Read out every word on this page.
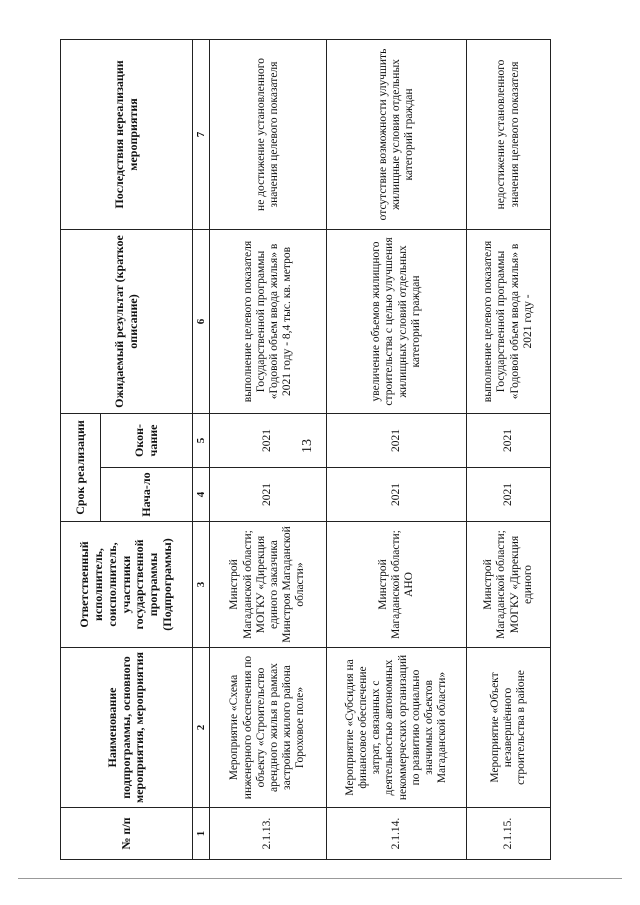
13
№ п/п	Наименование подпрограммы, основного мероприятия, мероприятия	Ответственный исполнитель, соисполнитель, участники государственной программы (Подпрограммы)	Срок реализации		Ожидаемый результат (краткое описание)	Последствия нереализации мероприятия
			Нача-ло	Окон-чание		
1	2	3	4	5	6	7
2.1.13.	Мероприятие «Схема инженерного обеспечения по объекту «Строительство арендного жилья в рамках застройки жилого района Гороховое поле»	Минстрой Магаданской области; МОГКУ «Дирекция единого заказчика Минстроя Магаданской области»	2021	2021	выполнение целевого показателя Государственной программы «Годовой объем ввода жилья» в 2021 году - 8,4 тыс. кв. метров	не достижение установленного значения целевого показателя
2.1.14.	Мероприятие «Субсидия на финансовое обеспечение затрат, связанных с деятельностью автономных некоммерческих организаций по развитию социально значимых объектов Магаданской области»	Минстрой Магаданской области; АНО	2021	2021	увеличение объемов жилищного строительства с целью улучшения жилищных условий отдельных категорий граждан	отсутствие возможности улучшить жилищные условия отдельных категорий граждан
2.1.15.	Мероприятие «Объект незавершённого строительства в районе	Минстрой Магаданской области; МОГКУ «Дирекция единого	2021	2021	выполнение целевого показателя Государственной программы «Годовой объем ввода жилья» в 2021 году -	недостижение установленного значения целевого показателя
